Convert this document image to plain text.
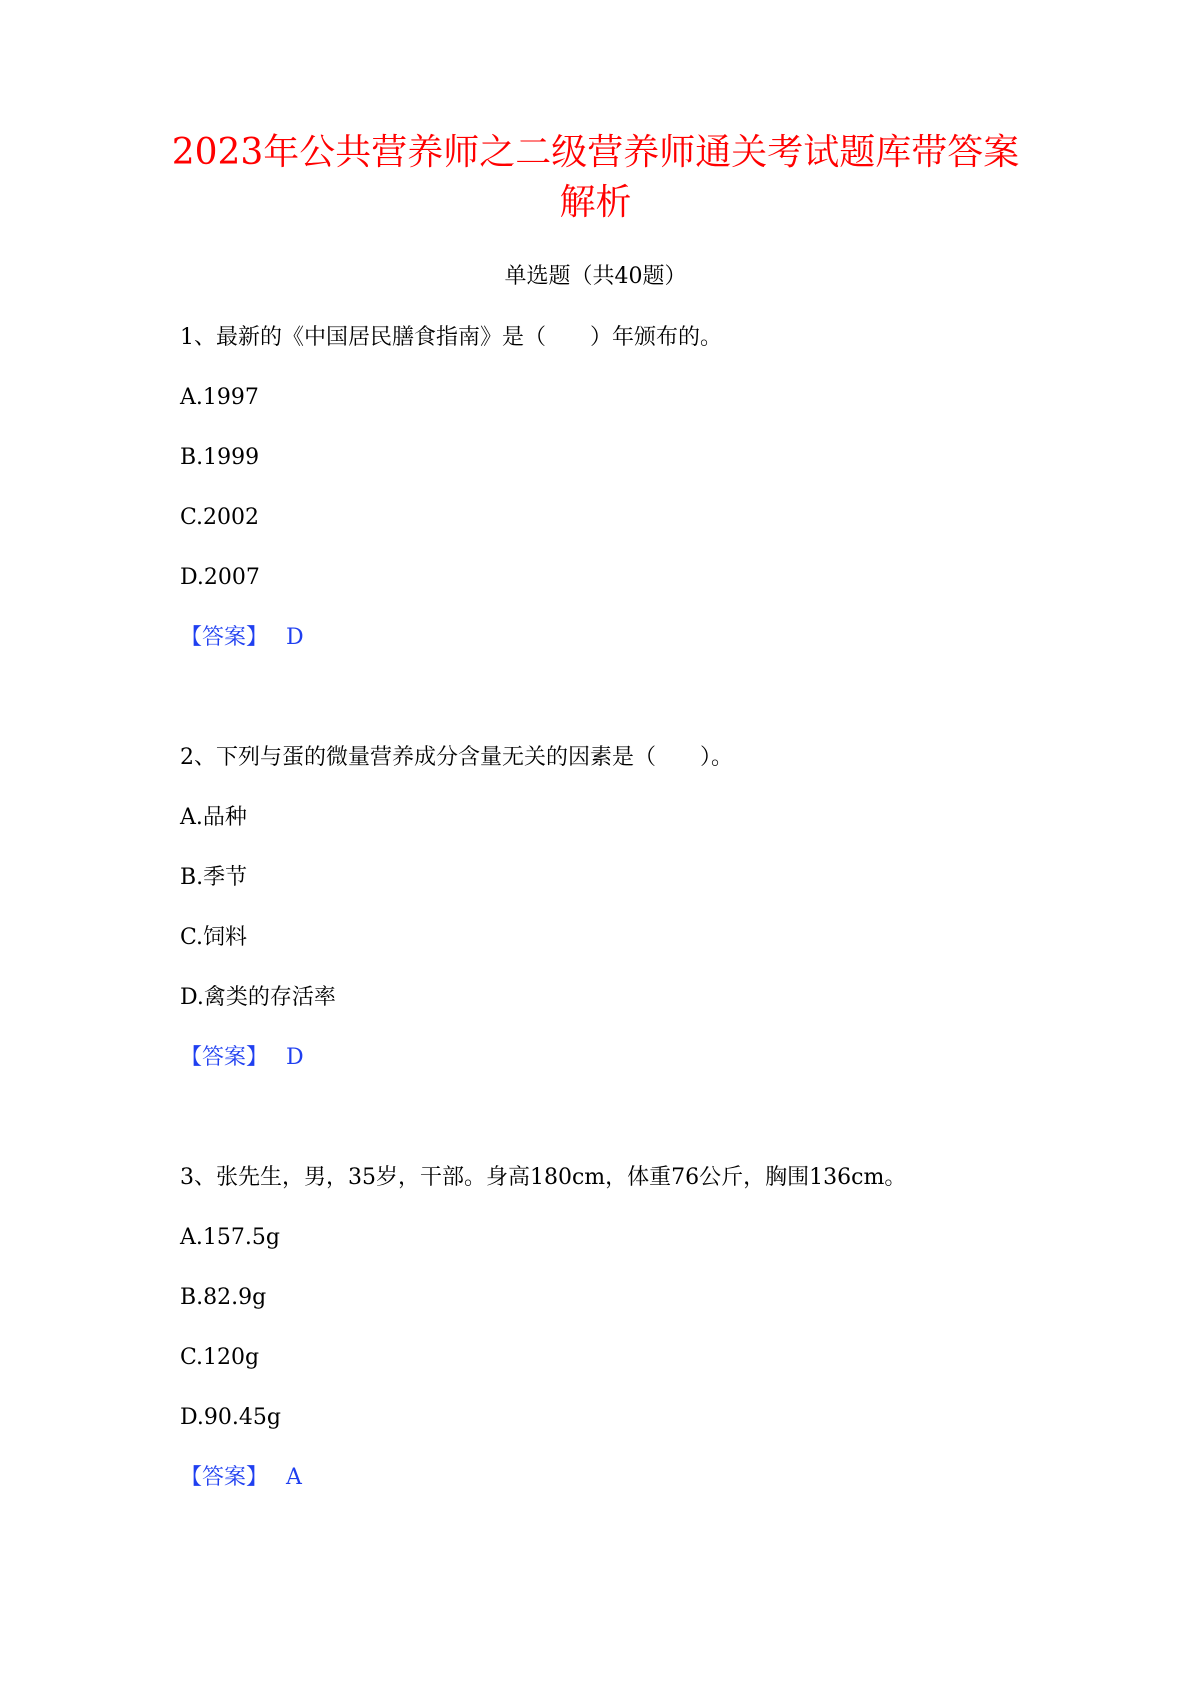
2023年公共营养师之二级营养师通关考试题库带答案解析
单选题（共40题）
1、最新的《中国居民膳食指南》是（　　）年颁布的。
A.1997
B.1999
C.2002
D.2007
【答案】 D
2、下列与蛋的微量营养成分含量无关的因素是（　　）。
A.品种
B.季节
C.饲料
D.禽类的存活率
【答案】 D
3、张先生，男，35岁，干部。身高180cm，体重76公斤，胸围136cm。
A.157.5g
B.82.9g
C.120g
D.90.45g
【答案】 A
